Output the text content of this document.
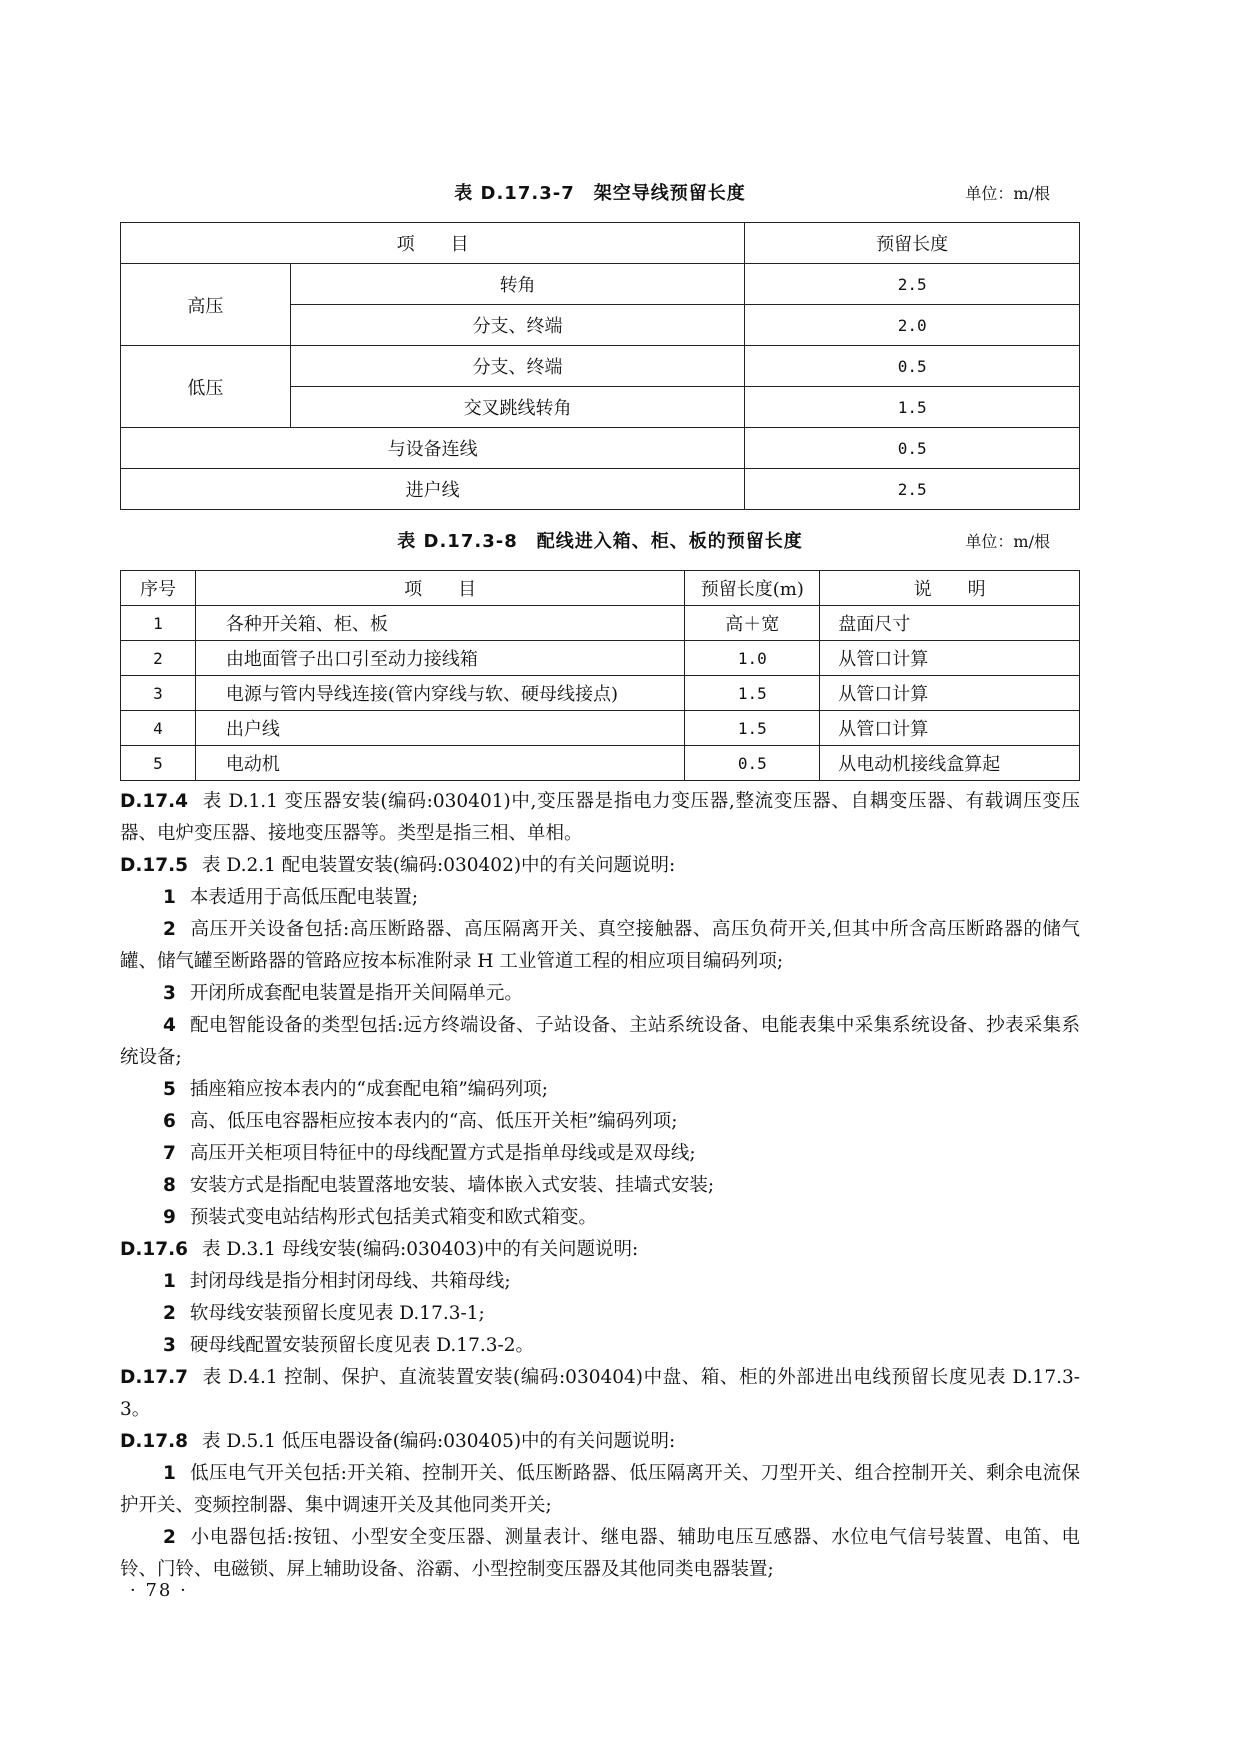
表 D.17.3-7　架空导线预留长度	单位：m/根
项　　目		预留长度
高压	转角	2.5
	分支、终端	2.0
低压	分支、终端	0.5
	交叉跳线转角	1.5
与设备连线		0.5
进户线		2.5
表 D.17.3-8　配线进入箱、柜、板的预留长度	单位：m/根
序号	项　　目	预留长度(m)	说　　明
1	各种开关箱、柜、板	高＋宽	盘面尺寸
2	由地面管子出口引至动力接线箱	1.0	从管口计算
3	电源与管内导线连接(管内穿线与软、硬母线接点)	1.5	从管口计算
4	出户线	1.5	从管口计算
5	电动机	0.5	从电动机接线盒算起

D.17.4 表 D.1.1 变压器安装(编码:030401)中,变压器是指电力变压器,整流变压器、自耦变压器、有载调压变压器、电炉变压器、接地变压器等。类型是指三相、单相。

D.17.5 表 D.2.1 配电装置安装(编码:030402)中的有关问题说明:

1 本表适用于高低压配电装置;

2 高压开关设备包括:高压断路器、高压隔离开关、真空接触器、高压负荷开关,但其中所含高压断路器的储气罐、储气罐至断路器的管路应按本标准附录 H 工业管道工程的相应项目编码列项;

3 开闭所成套配电装置是指开关间隔单元。

4 配电智能设备的类型包括:远方终端设备、子站设备、主站系统设备、电能表集中采集系统设备、抄表采集系统设备;

5 插座箱应按本表内的“成套配电箱”编码列项;

6 高、低压电容器柜应按本表内的“高、低压开关柜”编码列项;

7 高压开关柜项目特征中的母线配置方式是指单母线或是双母线;

8 安装方式是指配电装置落地安装、墙体嵌入式安装、挂墙式安装;

9 预装式变电站结构形式包括美式箱变和欧式箱变。

D.17.6 表 D.3.1 母线安装(编码:030403)中的有关问题说明:

1 封闭母线是指分相封闭母线、共箱母线;

2 软母线安装预留长度见表 D.17.3-1;

3 硬母线配置安装预留长度见表 D.17.3-2。

D.17.7 表 D.4.1 控制、保护、直流装置安装(编码:030404)中盘、箱、柜的外部进出电线预留长度见表 D.17.3-3。

D.17.8 表 D.5.1 低压电器设备(编码:030405)中的有关问题说明:

1 低压电气开关包括:开关箱、控制开关、低压断路器、低压隔离开关、刀型开关、组合控制开关、剩余电流保护开关、变频控制器、集中调速开关及其他同类开关;

2 小电器包括:按钮、小型安全变压器、测量表计、继电器、辅助电压互感器、水位电气信号装置、电笛、电铃、门铃、电磁锁、屏上辅助设备、浴霸、小型控制变压器及其他同类电器装置;

· 78 ·
